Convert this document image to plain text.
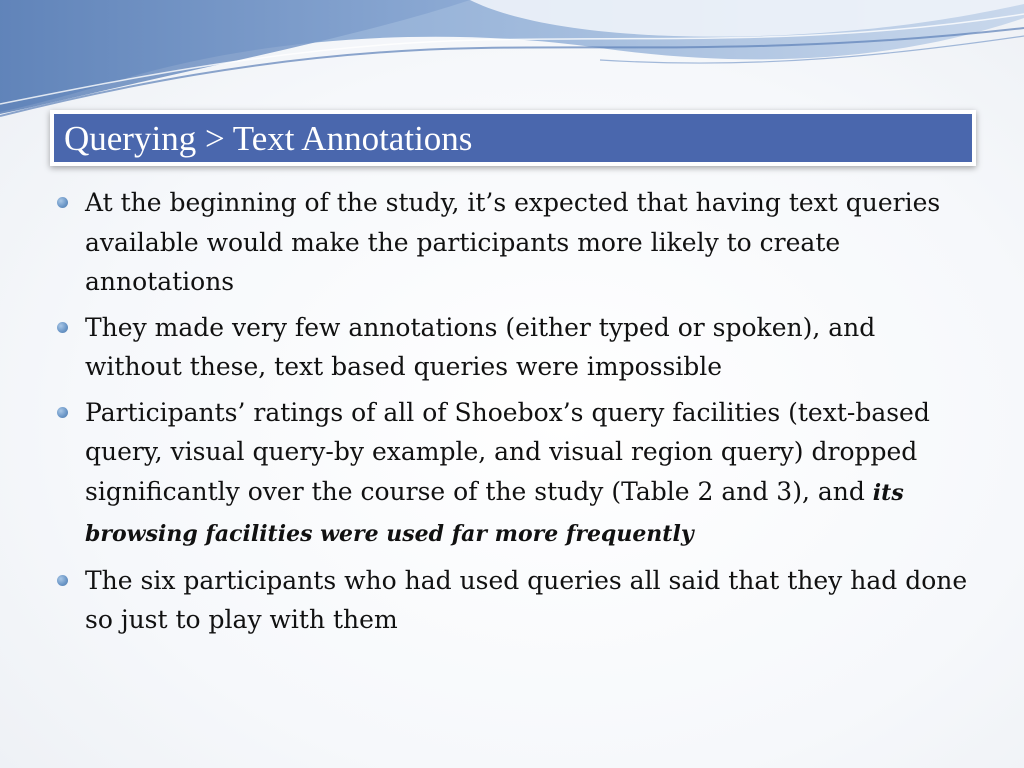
Querying > Text Annotations
At the beginning of the study, it’s expected that having text queries available would make the participants more likely to create annotations
They made very few annotations (either typed or spoken), and without these, text based queries were impossible
Participants’ ratings of all of Shoebox’s query facilities (text-based query, visual query-by example, and visual region query) dropped significantly over the course of the study (Table 2 and 3), and its browsing facilities were used far more frequently
The six participants who had used queries all said that they had done so just to play with them
